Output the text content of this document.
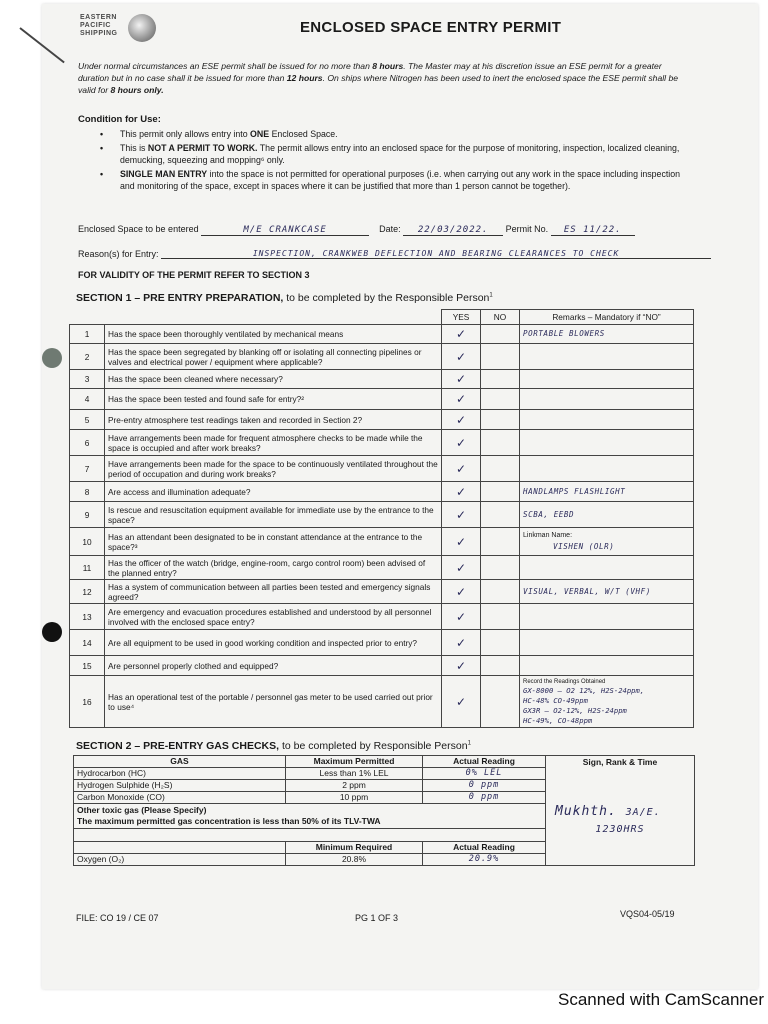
EASTERN
PACIFIC
SHIPPING	ENCLOSED SPACE ENTRY PERMIT
Under normal circumstances an ESE permit shall be issued for no more than 8 hours. The Master may at his discretion issue an ESE permit for a greater duration but in no case shall it be issued for more than 12 hours. On ships where Nitrogen has been used to inert the enclosed space the ESE permit shall be valid for 8 hours only.
Condition for Use:
• This permit only allows entry into ONE Enclosed Space.
• This is NOT A PERMIT TO WORK. The permit allows entry into an enclosed space for the purpose of monitoring, inspection, localized cleaning, demucking, squeezing and mopping⁶ only.
• SINGLE MAN ENTRY into the space is not permitted for operational purposes (i.e. when carrying out any work in the space including inspection and monitoring of the space, except in spaces where it can be justified that more than 1 person cannot be together).
Enclosed Space to be entered	M/E CRANKCASE	Date: 22/03/2022. Permit No. ES 11/22.
Reason(s) for Entry:	INSPECTION, CRANKWEB DEFLECTION AND BEARING CLEARANCES TO CHECK
FOR VALIDITY OF THE PERMIT REFER TO SECTION 3
SECTION 1 – PRE ENTRY PREPARATION, to be completed by the Responsible Person$^1$
		YES	NO	Remarks – Mandatory if “NO”
1	Has the space been thoroughly ventilated by mechanical means	✓		PORTABLE BLOWERS
2	Has the space been segregated by blanking off or isolating all connecting pipelines or valves and electrical power / equipment where applicable?	✓		
3	Has the space been cleaned where necessary?	✓		
4	Has the space been tested and found safe for entry?²	✓		
5	Pre-entry atmosphere test readings taken and recorded in Section 2?	✓		
6	Have arrangements been made for frequent atmosphere checks to be made while the space is occupied and after work breaks?	✓		
7	Have arrangements been made for the space to be continuously ventilated throughout the period of occupation and during work breaks?	✓		
8	Are access and illumination adequate?	✓		HANDLAMPS FLASHLIGHT
9	Is rescue and resuscitation equipment available for immediate use by the entrance to the space?	✓		SCBA, EEBD
10	Has an attendant been designated to be in constant attendance at the entrance to the space?³	✓		Linkman Name:
VISHEN (OLR)
11	Has the officer of the watch (bridge, engine-room, cargo control room) been advised of the planned entry?	✓		
12	Has a system of communication between all parties been tested and emergency signals agreed?	✓		VISUAL, VERBAL, W/T (VHF)
13	Are emergency and evacuation procedures established and understood by all personnel involved with the enclosed space entry?	✓		
14	Are all equipment to be used in good working condition and inspected prior to entry?	✓		
15	Are personnel properly clothed and equipped?	✓		
16	Has an operational test of the portable / personnel gas meter to be used carried out prior to use⁴	✓		Record the Readings Obtained
GX-8000 – O2 12%, H2S-24ppm,
HC-48% CO-49ppm
GX3R – O2-12%, H2S-24ppm
HC-49%, CO-48ppm
SECTION 2 – PRE-ENTRY GAS CHECKS, to be completed by Responsible Person$^1$
GAS	Maximum Permitted	Actual Reading	Sign, Rank & Time
Mukhth. 3A/E.
1230HRS

Hydrocarbon (HC)	Less than 1% LEL	0% LEL	
Hydrogen Sulphide (H₂S)	2 ppm	0 ppm	
Carbon Monoxide (CO)	10 ppm	0 ppm	

Other toxic gas (Please Specify)
The maximum permitted gas concentration is less than 50% of its TLV-TWA			

	Minimum Required	Actual Reading	
Oxygen (O₂)	20.8%	20.9%	
FILE: CO 19 / CE 07	PG 1 OF 3	VQS04-05/19
Scanned with CamScanner
